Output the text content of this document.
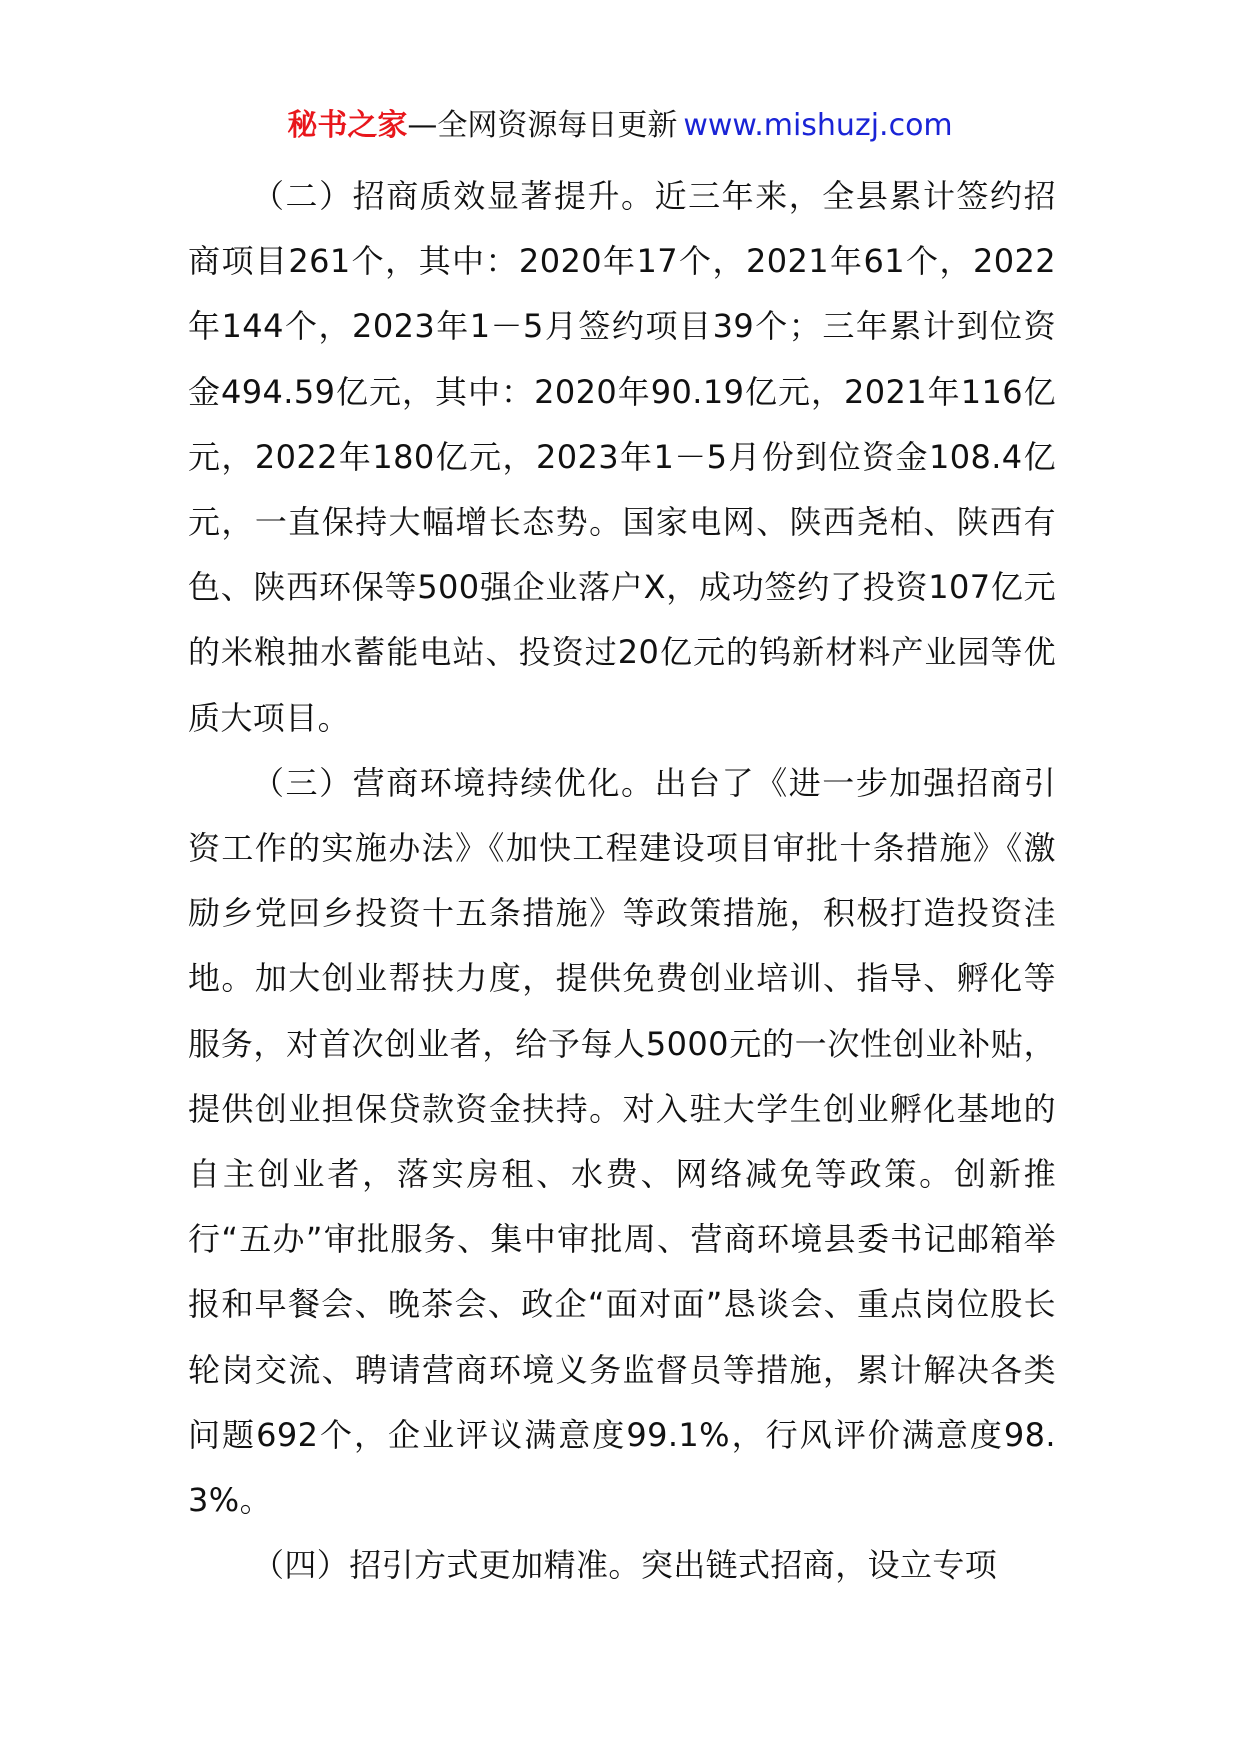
秘书之家—全网资源每日更新 www.mishuzj.com

（二）招商质效显著提升。近三年来，全县累计签约招商项目261个，其中：2020年17个，2021年61个，2022年144个，2023年1－5月签约项目39个；三年累计到位资金494.59亿元，其中：2020年90.19亿元，2021年116亿元，2022年180亿元，2023年1－5月份到位资金108.4亿元，一直保持大幅增长态势。国家电网、陕西尧柏、陕西有色、陕西环保等500强企业落户X，成功签约了投资107亿元的米粮抽水蓄能电站、投资过20亿元的钨新材料产业园等优质大项目。

（三）营商环境持续优化。出台了《进一步加强招商引资工作的实施办法》《加快工程建设项目审批十条措施》《激励乡党回乡投资十五条措施》等政策措施，积极打造投资洼地。加大创业帮扶力度，提供免费创业培训、指导、孵化等服务，对首次创业者，给予每人5000元的一次性创业补贴，提供创业担保贷款资金扶持。对入驻大学生创业孵化基地的自主创业者，落实房租、水费、网络减免等政策。创新推行“五办”审批服务、集中审批周、营商环境县委书记邮箱举报和早餐会、晚茶会、政企“面对面”恳谈会、重点岗位股长轮岗交流、聘请营商环境义务监督员等措施，累计解决各类问题692个，企业评议满意度99.1%，行风评价满意度98.3%。

（四）招引方式更加精准。突出链式招商，设立专项
